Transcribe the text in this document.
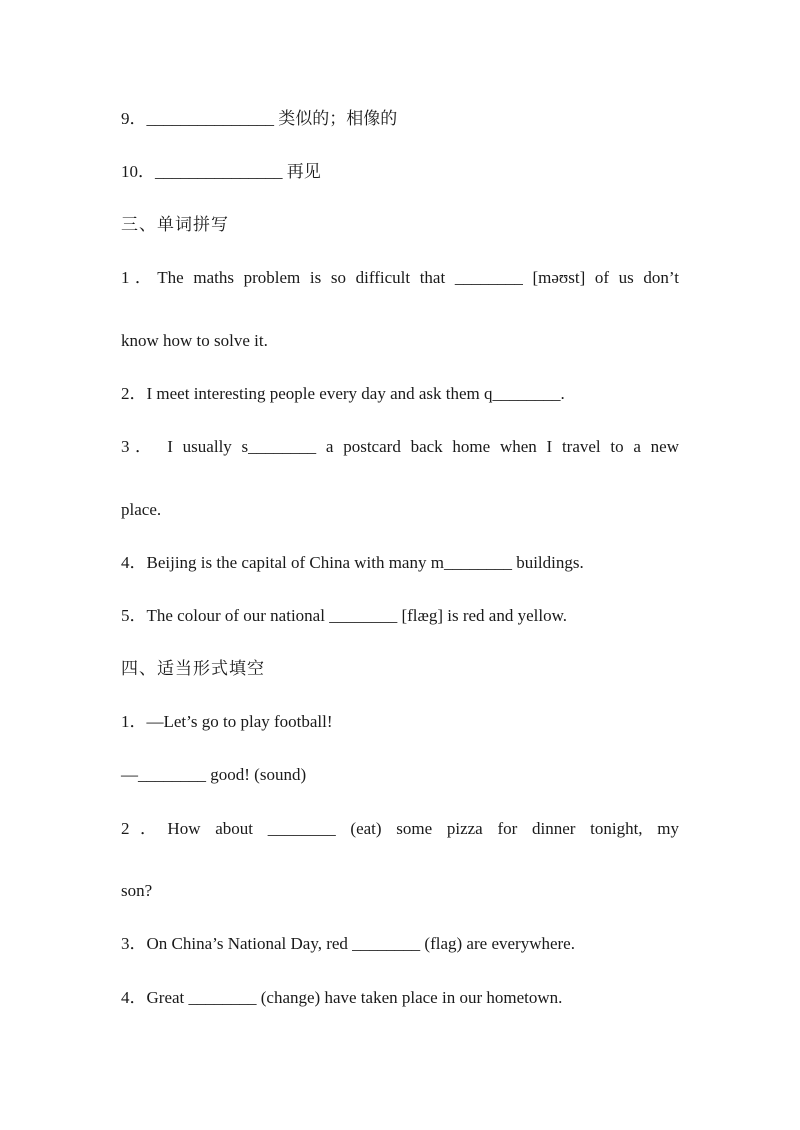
9．_______________ 类似的；相像的

10．_______________ 再见

三、单词拼写

1．The maths problem is so difficult that ________ [məʊst] of us don’t

know how to solve it.

2．I meet interesting people every day and ask them q________.

3． I usually s________ a postcard back home when I travel to a new

place.

4．Beijing is the capital of China with many m________ buildings.

5．The colour of our national ________ [flæg] is red and yellow.

四、适当形式填空

1．—Let’s go to play football!

—________ good! (sound)

2．How about ________ (eat) some pizza for dinner tonight, my

son?

3．On China’s National Day, red ________ (flag) are everywhere.

4．Great ________ (change) have taken place in our hometown.
